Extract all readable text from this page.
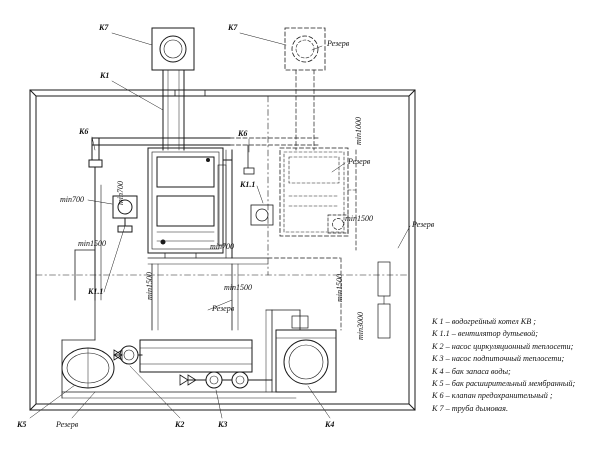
К7	К7
Резерв
К1
К6	К6	min1000
Резерв
min700	min700	К1.1
min1500
Резерв
min1500	min700
min1500	min1500	min1500
К1.1
Резерв
min3000
К5	Резерв	К2	К3	К4
К 1 – водогрейный котел КВ ;
К 1.1 – вентилятор дутьевой;
К 2 – насос циркуляционный теплосети;
К 3 – насос подпиточный теплосети;
К 4 – бак запаса воды;
К 5 – бак расширительный мембранный;
К 6 – клапан предохранительный ;
К 7 – труба дымовая.
